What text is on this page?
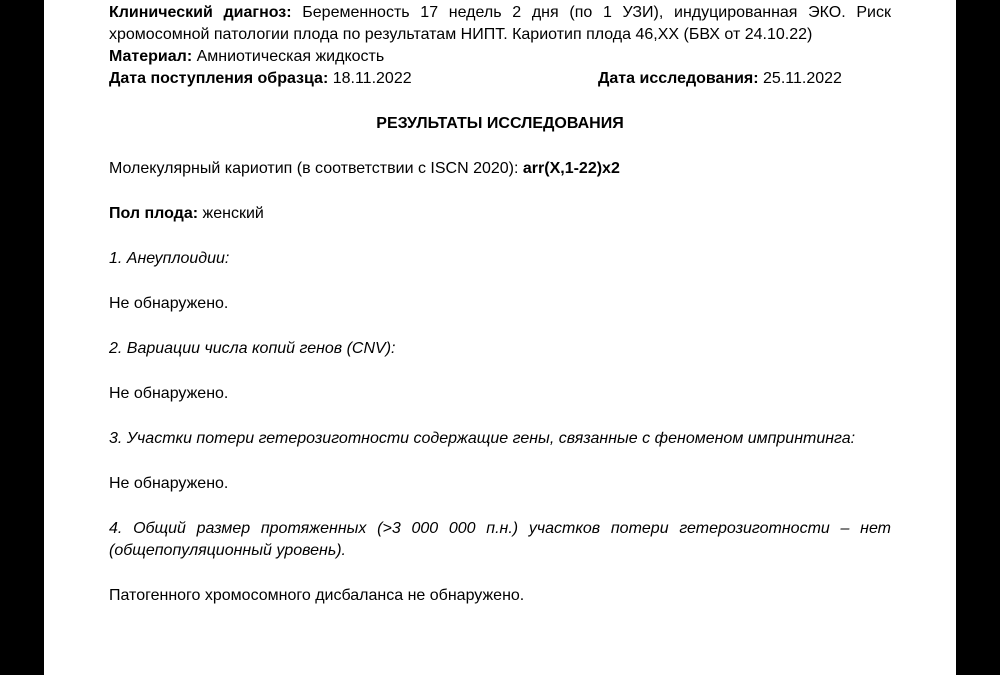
Клинический диагноз: Беременность 17 недель 2 дня (по 1 УЗИ), индуцированная ЭКО. Риск хромосомной патологии плода по результатам НИПТ. Кариотип плода 46,XX (БВХ от 24.10.22)

Материал: Амниотическая жидкость

Дата поступления образца: 18.11.2022	Дата исследования: 25.11.2022
РЕЗУЛЬТАТЫ ИССЛЕДОВАНИЯ

Молекулярный кариотип (в соответствии с ISCN 2020): arr(X,1-22)x2

Пол плода: женский

1. Анеуплоидии:

Не обнаружено.

2. Вариации числа копий генов (CNV):

Не обнаружено.

3. Участки потери гетерозиготности содержащие гены, связанные с феноменом импринтинга:

Не обнаружено.

4. Общий размер протяженных (>3 000 000 п.н.) участков потери гетерозиготности – нет (общепопуляционный уровень).

Патогенного хромосомного дисбаланса не обнаружено.
